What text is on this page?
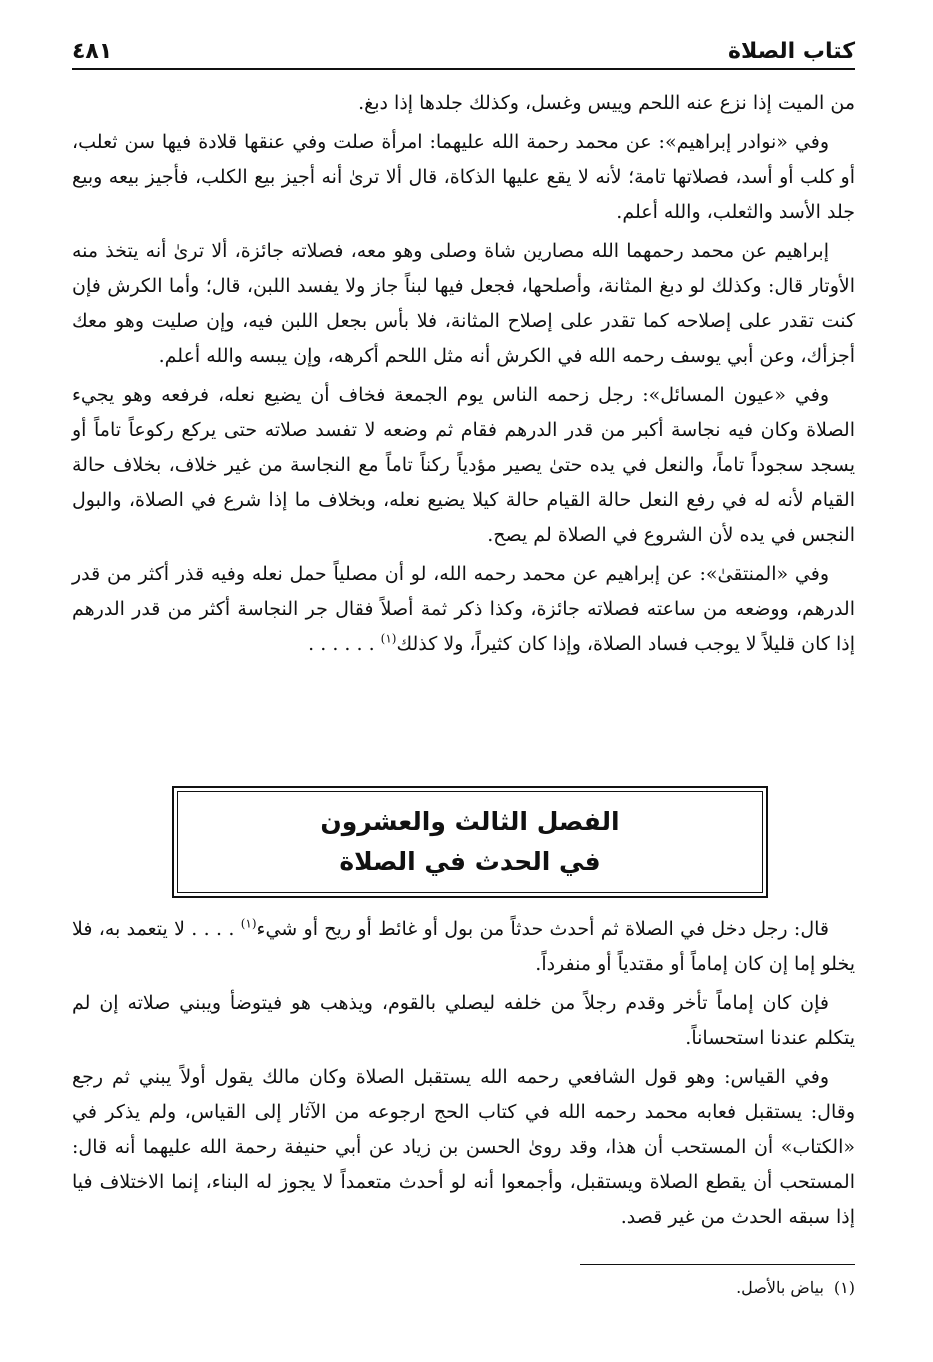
كتاب الصلاة
٤٨١

من الميت إذا نزع عنه اللحم وييس وغسل، وكذلك جلدها إذا دبغ.

وفي «نوادر إبراهيم»: عن محمد رحمة الله عليهما: امرأة صلت وفي عنقها قلادة فيها سن ثعلب، أو كلب أو أسد، فصلاتها تامة؛ لأنه لا يقع عليها الذكاة، قال ألا ترىٰ أنه أجيز بيع الكلب، فأجيز بيعه وبيع جلد الأسد والثعلب، والله أعلم.

إبراهيم عن محمد رحمهما الله مصارين شاة وصلى وهو معه، فصلاته جائزة، ألا ترىٰ أنه يتخذ منه الأوتار قال: وكذلك لو دبغ المثانة، وأصلحها، فجعل فيها لبناً جاز ولا يفسد اللبن، قال؛ وأما الكرش فإن كنت تقدر على إصلاحه كما تقدر على إصلاح المثانة، فلا بأس بجعل اللبن فيه، وإن صليت وهو معك أجزأك، وعن أبي يوسف رحمه الله في الكرش أنه مثل اللحم أكرهه، وإن يبسه والله أعلم.

وفي «عيون المسائل»: رجل زحمه الناس يوم الجمعة فخاف أن يضيع نعله، فرفعه وهو يجيء الصلاة وكان فيه نجاسة أكبر من قدر الدرهم فقام ثم وضعه لا تفسد صلاته حتى يركع ركوعاً تاماً أو يسجد سجوداً تاماً، والنعل في يده حتىٰ يصير مؤدياً ركناً تاماً مع النجاسة من غير خلاف، بخلاف حالة القيام لأنه له في رفع النعل حالة القيام حالة كيلا يضيع نعله، وبخلاف ما إذا شرع في الصلاة، والبول النجس في يده لأن الشروع في الصلاة لم يصح.

وفي «المنتقىٰ»: عن إبراهيم عن محمد رحمه الله، لو أن مصلياً حمل نعله وفيه قذر أكثر من قدر الدرهم، ووضعه من ساعته فصلاته جائزة، وكذا ذكر ثمة أصلاً فقال جر النجاسة أكثر من قدر الدرهم إذا كان قليلاً لا يوجب فساد الصلاة، وإذا كان كثيراً، ولا كذلك$^{(١)}$ . . . . . .

الفصل الثالث والعشرون
في الحدث في الصلاة

قال: رجل دخل في الصلاة ثم أحدث حدثاً من بول أو غائط أو ريح أو شيء$^{(١)}$ . . . . لا يتعمد به، فلا يخلو إما إن كان إماماً أو مقتدياً أو منفرداً.

فإن كان إماماً تأخر وقدم رجلاً من خلفه ليصلي بالقوم، ويذهب هو فيتوضأ ويبني صلاته إن لم يتكلم عندنا استحساناً.

وفي القياس: وهو قول الشافعي رحمه الله يستقبل الصلاة وكان مالك يقول أولاً يبني ثم رجع وقال: يستقبل فعابه محمد رحمه الله في كتاب الحج ارجوعه من الآثار إلى القياس، ولم يذكر في «الكتاب» أن المستحب أن هذا، وقد روىٰ الحسن بن زياد عن أبي حنيفة رحمة الله عليهما أنه قال: المستحب أن يقطع الصلاة ويستقبل، وأجمعوا أنه لو أحدث متعمداً لا يجوز له البناء، إنما الاختلاف فيا إذا سبقه الحدث من غير قصد.

(١)
بياض بالأصل.
